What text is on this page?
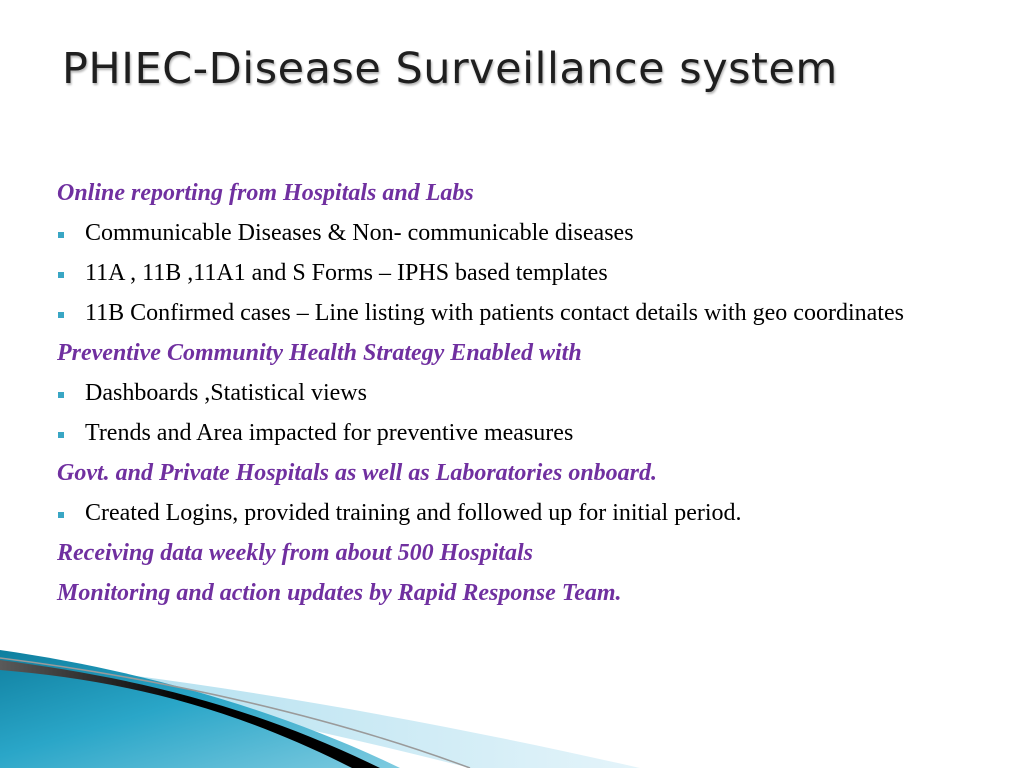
PHIEC-Disease Surveillance system
Online reporting from Hospitals and Labs
Communicable Diseases & Non- communicable diseases
11A , 11B ,11A1 and S Forms – IPHS based templates
11B Confirmed cases – Line listing with patients contact details with geo coordinates
Preventive Community Health Strategy Enabled with
Dashboards ,Statistical views
Trends and Area impacted for preventive measures
Govt. and Private Hospitals as well as Laboratories onboard.
Created Logins, provided training and followed up for initial period.
Receiving data weekly from about 500 Hospitals
Monitoring and action updates by Rapid Response Team.
